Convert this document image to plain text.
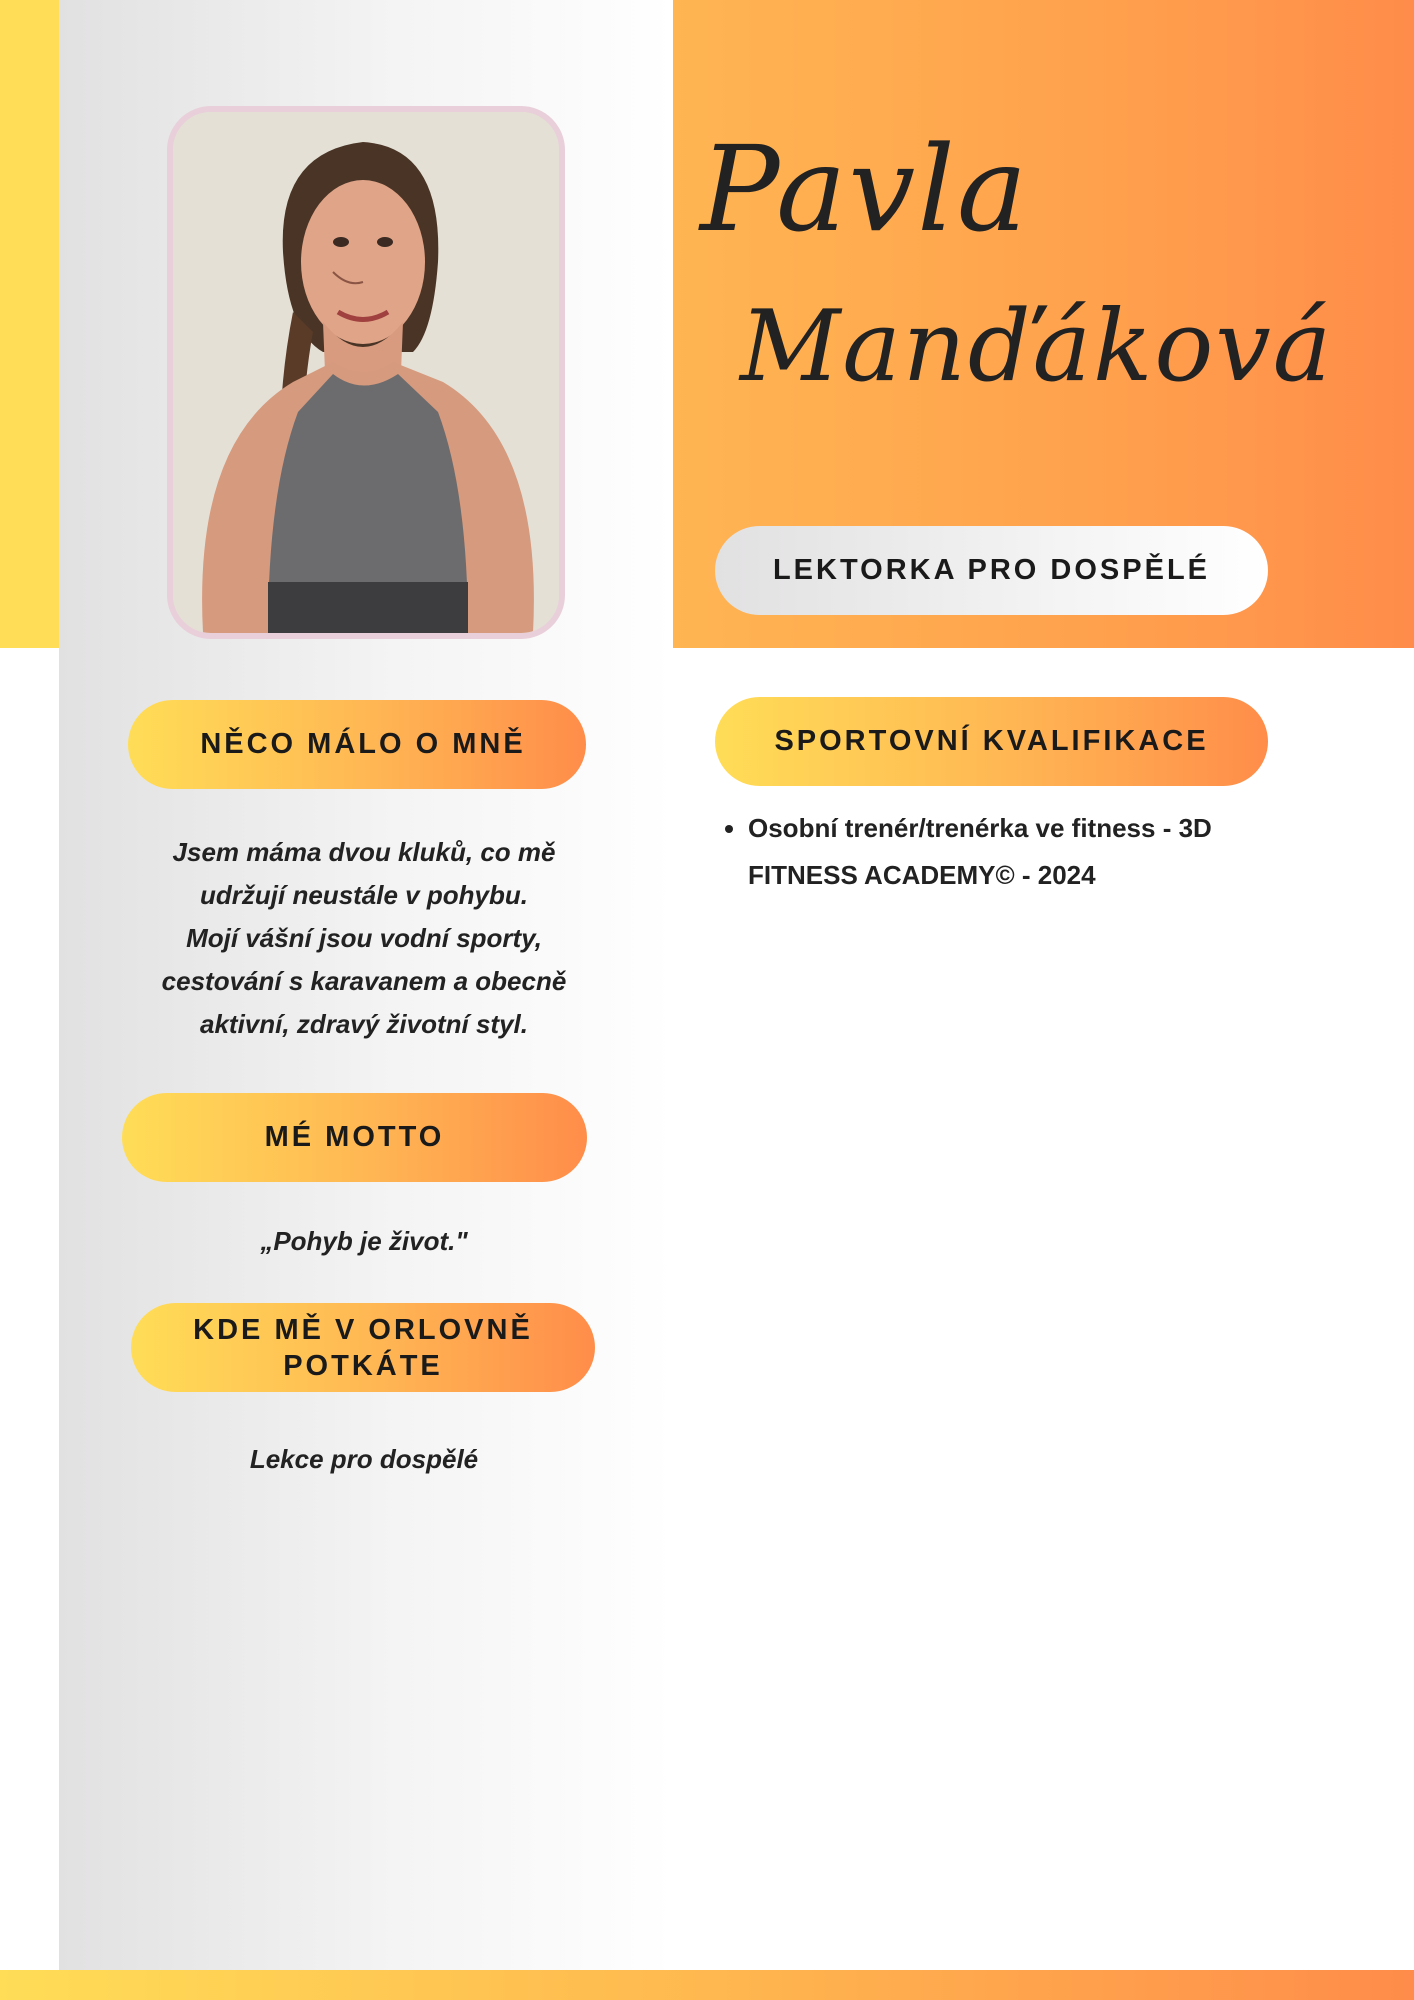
Pavla
Manďáková
LEKTORKA PRO DOSPĚLÉ
NĚCO MÁLO O MNĚ
Jsem máma dvou kluků, co mě
udržují neustále v pohybu.
Mojí vášní jsou vodní sporty,
cestování s karavanem a obecně
aktivní, zdravý životní styl.
MÉ MOTTO
„Pohyb je život."
KDE MĚ V ORLOVNĚ
POTKÁTE
Lekce pro dospělé
SPORTOVNÍ KVALIFIKACE
• Osobní trenér/trenérka ve fitness - 3D FITNESS ACADEMY© - 2024
